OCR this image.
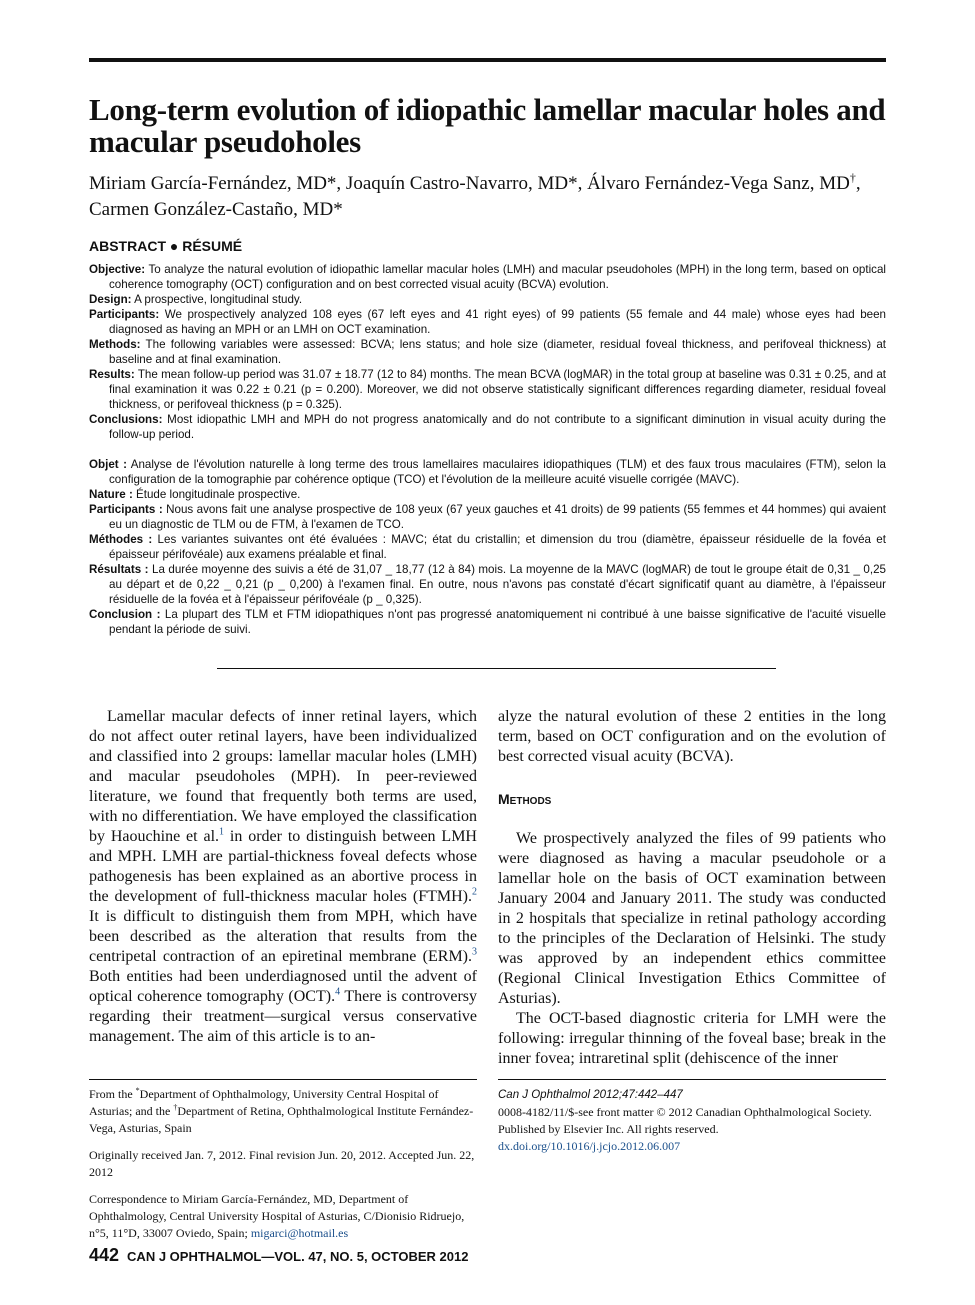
Long-term evolution of idiopathic lamellar macular holes and macular pseudoholes
Miriam García-Fernández, MD*, Joaquín Castro-Navarro, MD*, Álvaro Fernández-Vega Sanz, MD†,
Carmen González-Castaño, MD*
ABSTRACT ● RÉSUMÉ

Objective: To analyze the natural evolution of idiopathic lamellar macular holes (LMH) and macular pseudoholes (MPH) in the long term, based on optical coherence tomography (OCT) configuration and on best corrected visual acuity (BCVA) evolution.

Design: A prospective, longitudinal study.

Participants: We prospectively analyzed 108 eyes (67 left eyes and 41 right eyes) of 99 patients (55 female and 44 male) whose eyes had been diagnosed as having an MPH or an LMH on OCT examination.

Methods: The following variables were assessed: BCVA; lens status; and hole size (diameter, residual foveal thickness, and perifoveal thickness) at baseline and at final examination.

Results: The mean follow-up period was 31.07 ± 18.77 (12 to 84) months. The mean BCVA (logMAR) in the total group at baseline was 0.31 ± 0.25, and at final examination it was 0.22 ± 0.21 (p = 0.200). Moreover, we did not observe statistically significant differences regarding diameter, residual foveal thickness, or perifoveal thickness (p = 0.325).

Conclusions: Most idiopathic LMH and MPH do not progress anatomically and do not contribute to a significant diminution in visual acuity during the follow-up period.

Objet : Analyse de l'évolution naturelle à long terme des trous lamellaires maculaires idiopathiques (TLM) et des faux trous maculaires (FTM), selon la configuration de la tomographie par cohérence optique (TCO) et l'évolution de la meilleure acuité visuelle corrigée (MAVC).

Nature : Étude longitudinale prospective.

Participants : Nous avons fait une analyse prospective de 108 yeux (67 yeux gauches et 41 droits) de 99 patients (55 femmes et 44 hommes) qui avaient eu un diagnostic de TLM ou de FTM, à l'examen de TCO.

Méthodes : Les variantes suivantes ont été évaluées : MAVC; état du cristallin; et dimension du trou (diamètre, épaisseur résiduelle de la fovéa et épaisseur périfovéale) aux examens préalable et final.

Résultats : La durée moyenne des suivis a été de 31,07 _ 18,77 (12 à 84) mois. La moyenne de la MAVC (logMAR) de tout le groupe était de 0,31 _ 0,25 au départ et de 0,22 _ 0,21 (p _ 0,200) à l'examen final. En outre, nous n'avons pas constaté d'écart significatif quant au diamètre, à l'épaisseur résiduelle de la fovéa et à l'épaisseur périfovéale (p _ 0,325).

Conclusion : La plupart des TLM et FTM idiopathiques n'ont pas progressé anatomiquement ni contribué à une baisse significative de l'acuité visuelle pendant la période de suivi.

Lamellar macular defects of inner retinal layers, which do not affect outer retinal layers, have been individualized and classified into 2 groups: lamellar macular holes (LMH) and macular pseudoholes (MPH). In peer-reviewed literature, we found that frequently both terms are used, with no differentiation. We have employed the classification by Haouchine et al.$^1$ in order to distinguish between LMH and MPH. LMH are partial-thickness foveal defects whose pathogenesis has been explained as an abortive process in the development of full-thickness macular holes (FTMH).$^2$ It is difficult to distinguish them from MPH, which have been described as the alteration that results from the centripetal contraction of an epiretinal membrane (ERM).$^3$ Both entities had been underdiagnosed until the advent of optical coherence tomography (OCT).$^4$ There is controversy regarding their treatment—surgical versus conservative management. The aim of this article is to an-

alyze the natural evolution of these 2 entities in the long term, based on OCT configuration and on the evolution of best corrected visual acuity (BCVA).

Methods

We prospectively analyzed the files of 99 patients who were diagnosed as having a macular pseudohole or a lamellar hole on the basis of OCT examination between January 2004 and January 2011. The study was conducted in 2 hospitals that specialize in retinal pathology according to the principles of the Declaration of Helsinki. The study was approved by an independent ethics committee (Regional Clinical Investigation Ethics Committee of Asturias).

The OCT-based diagnostic criteria for LMH were the following: irregular thinning of the foveal base; break in the inner fovea; intraretinal split (dehiscence of the inner

From the *Department of Ophthalmology, University Central Hospital of Asturias; and the †Department of Retina, Ophthalmological Institute Fernández-Vega, Asturias, Spain

Originally received Jan. 7, 2012. Final revision Jun. 20, 2012. Accepted Jun. 22, 2012

Correspondence to Miriam García-Fernández, MD, Department of Ophthalmology, Central University Hospital of Asturias, C/Dionisio Ridruejo, n°5, 11°D, 33007 Oviedo, Spain; migarci@hotmail.es

Can J Ophthalmol 2012;47:442–447
0008-4182/11/$-see front matter © 2012 Canadian Ophthalmological Society. Published by Elsevier Inc. All rights reserved.
dx.doi.org/10.1016/j.jcjo.2012.06.007
442 CAN J OPHTHALMOL—VOL. 47, NO. 5, OCTOBER 2012
